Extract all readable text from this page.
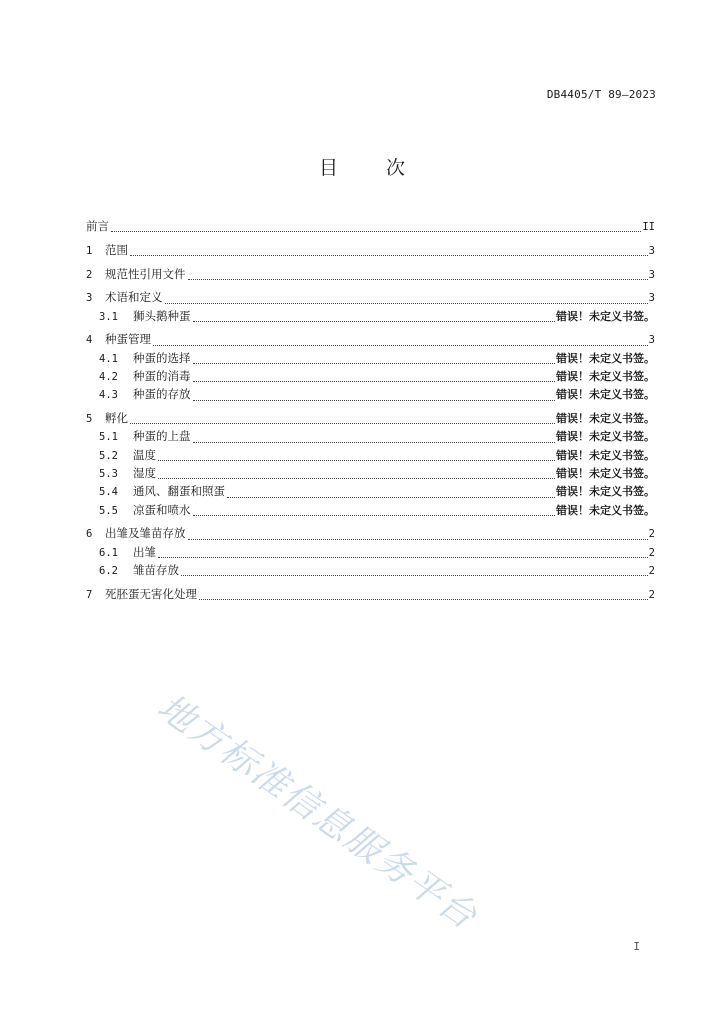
DB4405/T 89—2023
目	次
前言	II
1	范围	3
2	规范性引用文件	3
3	术语和定义	3
3.1	狮头鹅种蛋	错误！未定义书签。
4	种蛋管理	3
4.1	种蛋的选择	错误！未定义书签。
4.2	种蛋的消毒	错误！未定义书签。
4.3	种蛋的存放	错误！未定义书签。
5	孵化	错误！未定义书签。
5.1	种蛋的上盘	错误！未定义书签。
5.2	温度	错误！未定义书签。
5.3	湿度	错误！未定义书签。
5.4	通风、翻蛋和照蛋	错误！未定义书签。
5.5	凉蛋和喷水	错误！未定义书签。
6	出雏及雏苗存放	2
6.1	出雏	2
6.2	雏苗存放	2
7	死胚蛋无害化处理	2
地方标准信息服务平台
I
